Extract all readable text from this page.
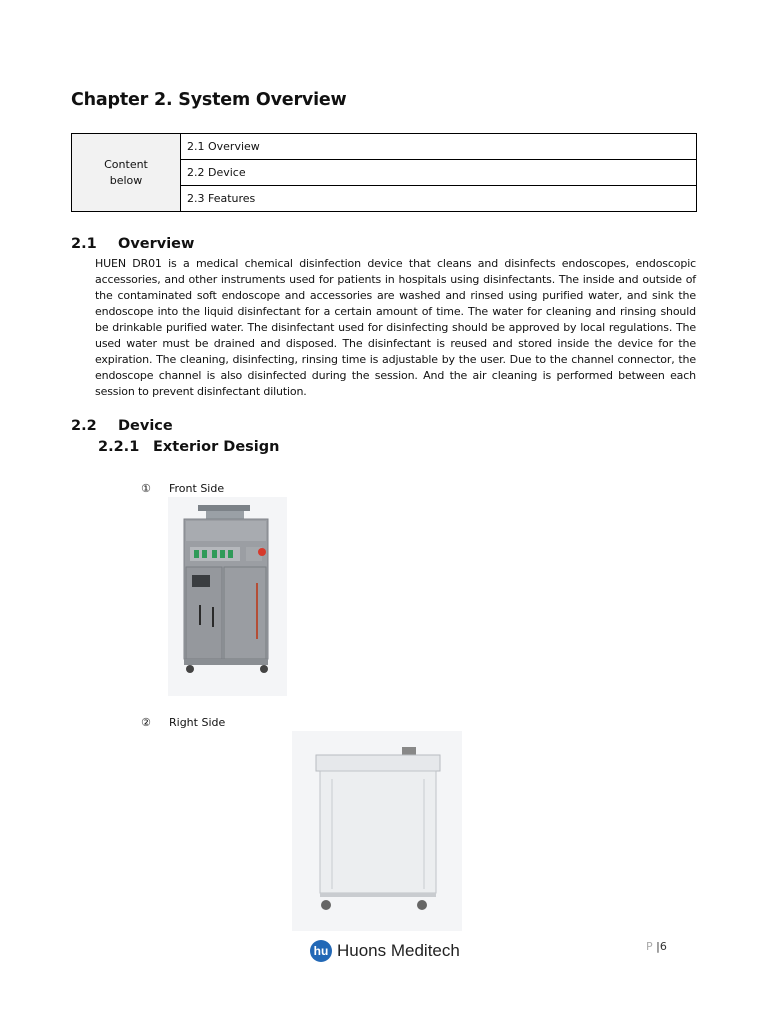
Chapter 2. System Overview
Content
below	2.1 Overview
2.2 Device
2.3 Features
2.1 Overview

HUEN DR01 is a medical chemical disinfection device that cleans and disinfects endoscopes, endoscopic accessories, and other instruments used for patients in hospitals using disinfectants. The inside and outside of the contaminated soft endoscope and accessories are washed and rinsed using purified water, and sink the endoscope into the liquid disinfectant for a certain amount of time. The water for cleaning and rinsing should be drinkable purified water. The disinfectant used for disinfecting should be approved by local regulations. The used water must be drained and disposed. The disinfectant is reused and stored inside the device for the expiration. The cleaning, disinfecting, rinsing time is adjustable by the user. Due to the channel connector, the endoscope channel is also disinfected during the session. And the air cleaning is performed between each session to prevent disinfectant dilution.

2.2 Device
2.2.1 Exterior Design
① Front Side
② Right Side
hu Huons Meditech	P |6
